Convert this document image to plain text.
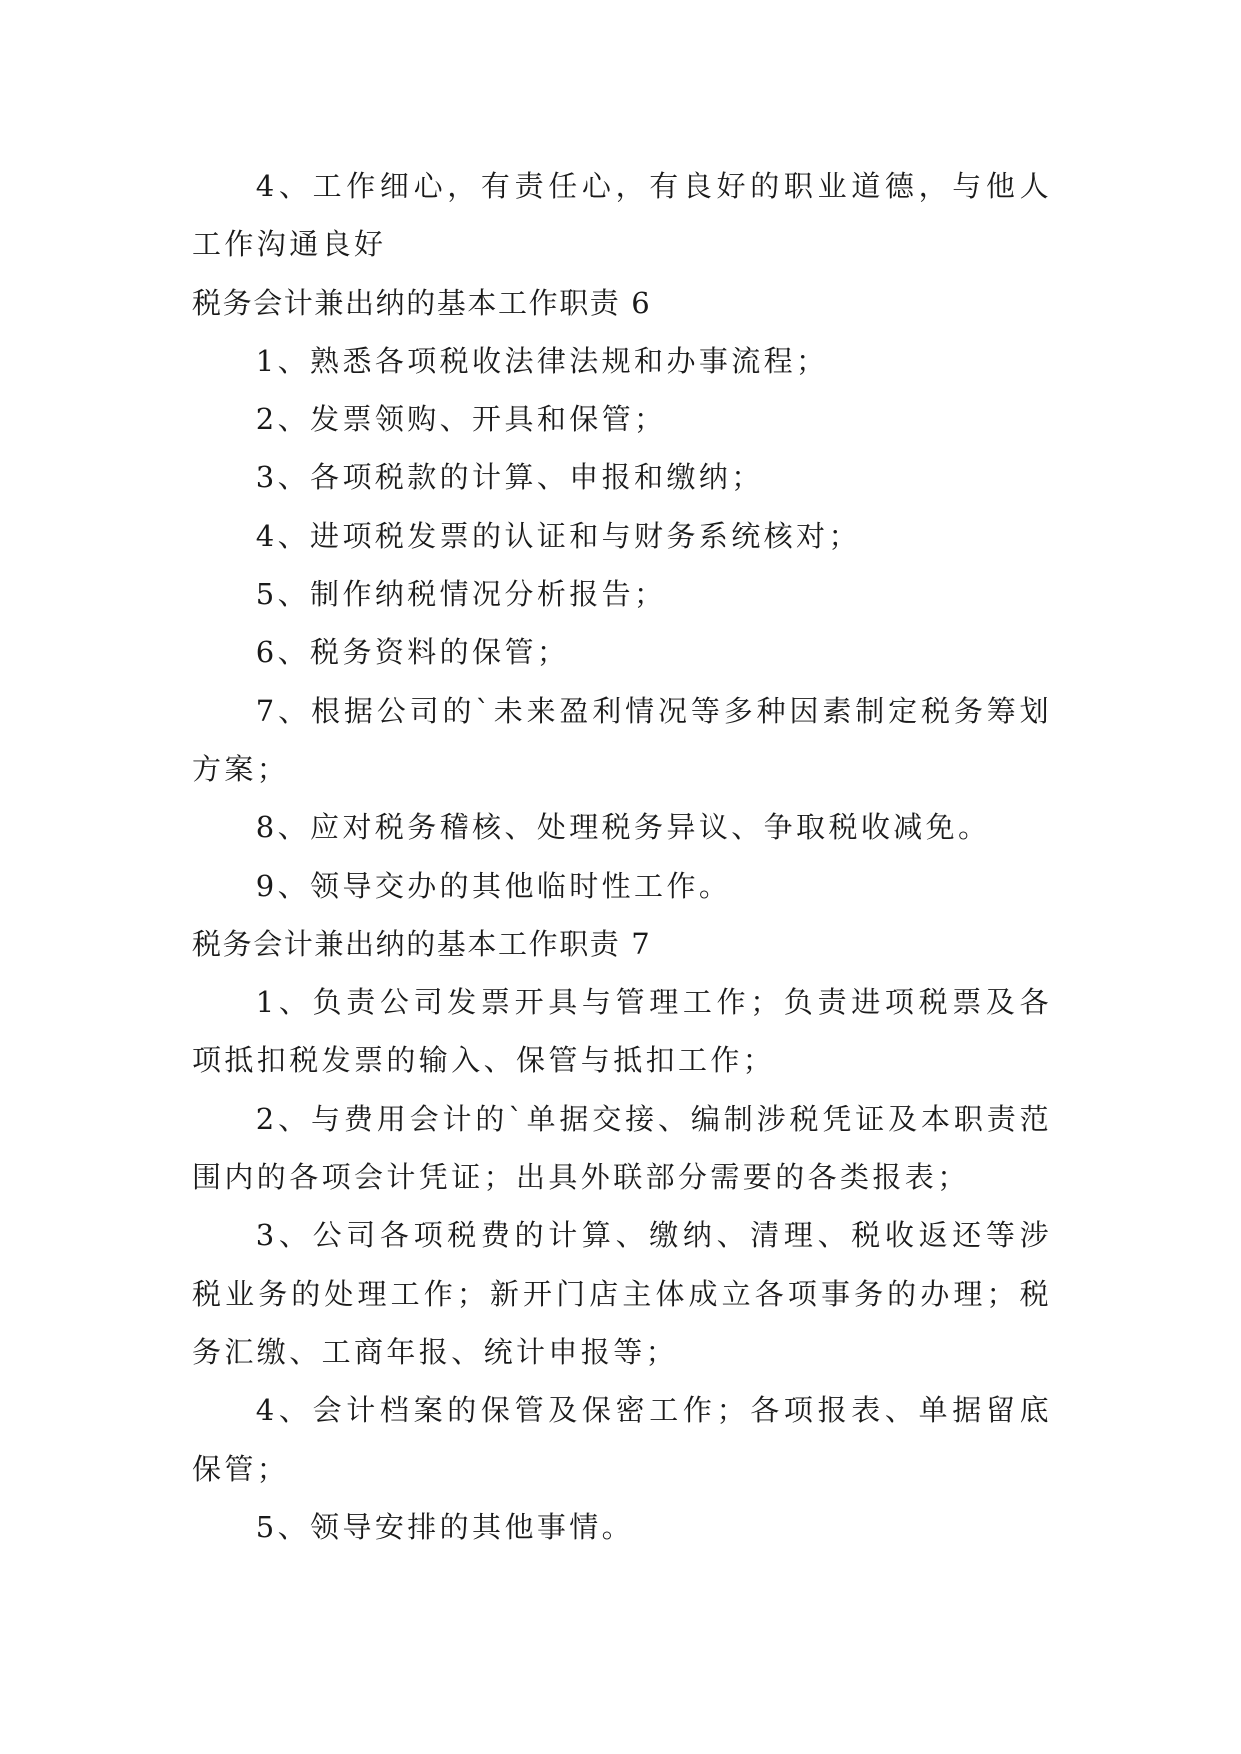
4、工作细心，有责任心，有良好的职业道德，与他人工作沟通良好

税务会计兼出纳的基本工作职责 6

1、熟悉各项税收法律法规和办事流程；

2、发票领购、开具和保管；

3、各项税款的计算、申报和缴纳；

4、进项税发票的认证和与财务系统核对；

5、制作纳税情况分析报告；

6、税务资料的保管；

7、根据公司的`未来盈利情况等多种因素制定税务筹划方案；

8、应对税务稽核、处理税务异议、争取税收减免。

9、领导交办的其他临时性工作。

税务会计兼出纳的基本工作职责 7

1、负责公司发票开具与管理工作；负责进项税票及各项抵扣税发票的输入、保管与抵扣工作；

2、与费用会计的`单据交接、编制涉税凭证及本职责范围内的各项会计凭证；出具外联部分需要的各类报表；

3、公司各项税费的计算、缴纳、清理、税收返还等涉税业务的处理工作；新开门店主体成立各项事务的办理；税务汇缴、工商年报、统计申报等；

4、会计档案的保管及保密工作；各项报表、单据留底保管；

5、领导安排的其他事情。
